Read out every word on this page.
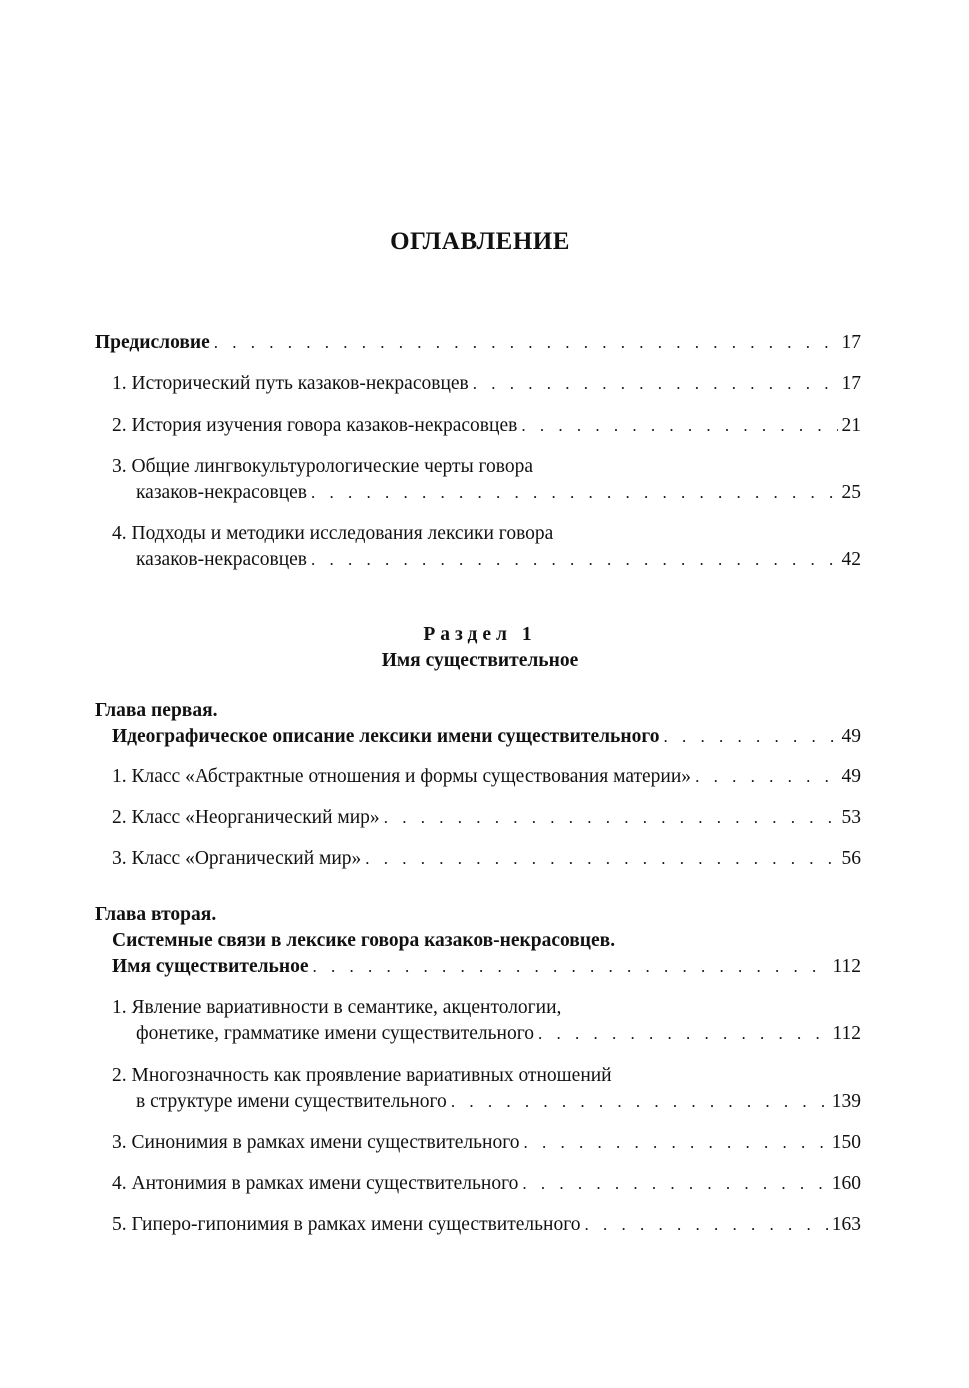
ОГЛАВЛЕНИЕ
Предисловие . . .	17
1. Исторический путь казаков-некрасовцев . . .	17
2. История изучения говора казаков-некрасовцев . . .	21
3. Общие лингвокультурологические черты говора
казаков-некрасовцев . . .	25
4. Подходы и методики исследования лексики говора
казаков-некрасовцев . . .	42
Раздел 1
Имя существительное
Глава первая.
Идеографическое описание лексики имени существительного . . .	49
1. Класс «Абстрактные отношения и формы существования материи» . . .	49
2. Класс «Неорганический мир» . . .	53
3. Класс «Органический мир» . . .	56
Глава вторая.
Системные связи в лексике говора казаков-некрасовцев.
Имя существительное . . .	112
1. Явление вариативности в семантике, акцентологии,
фонетике, грамматике имени существительного . . .	112
2. Многозначность как проявление вариативных отношений
в структуре имени существительного . . .	139
3. Синонимия в рамках имени существительного . . .	150
4. Антонимия в рамках имени существительного . . .	160
5. Гиперо-гипонимия в рамках имени существительного . . .	163
